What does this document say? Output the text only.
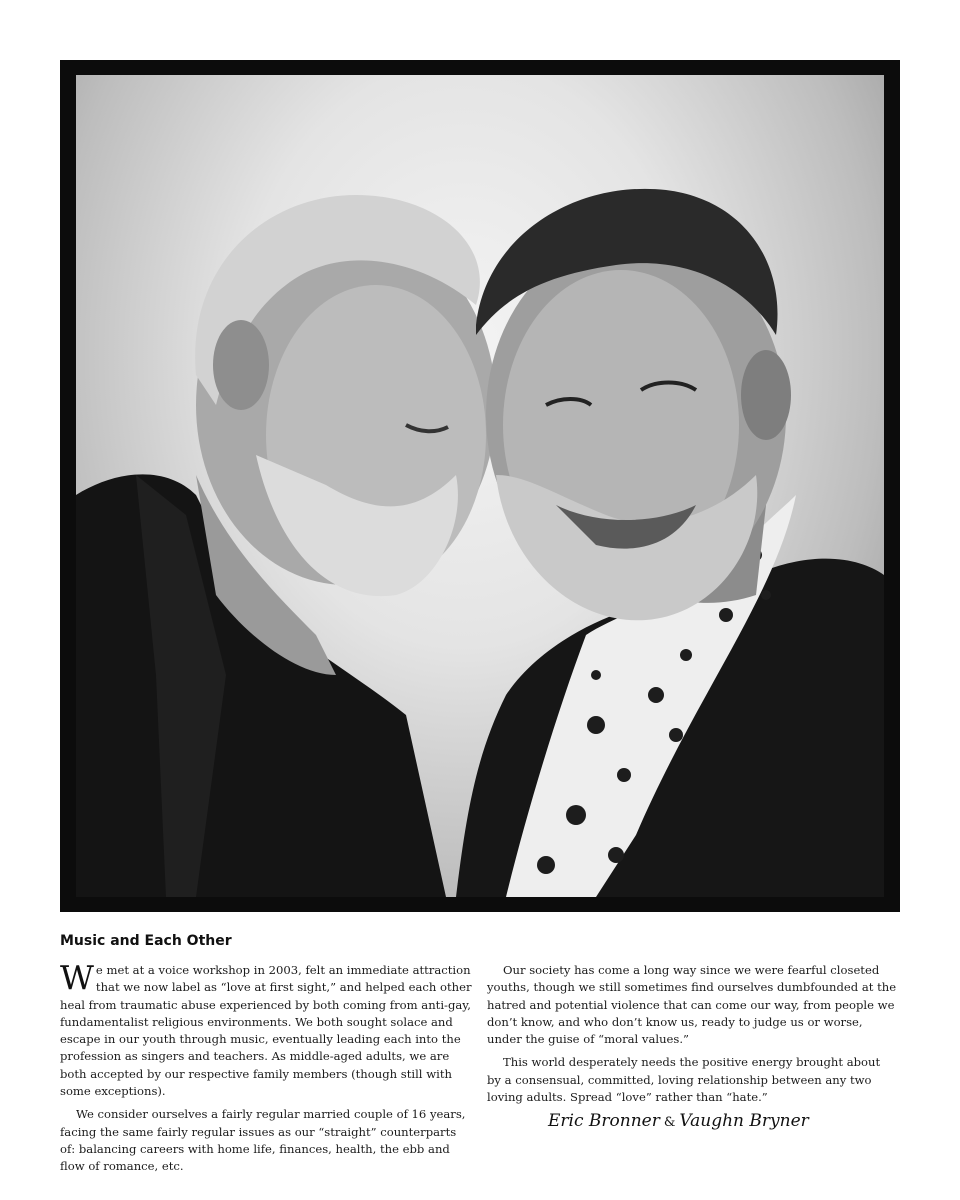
Music and Each Other

We met at a voice workshop in 2003, felt an immediate attraction that we now label as “love at first sight,” and helped each other heal from traumatic abuse experienced by both coming from anti-gay, fundamentalist religious environments. We both sought solace and escape in our youth through music, eventually leading each into the profession as singers and teachers. As middle-aged adults, we are both accepted by our respective family members (though still with some exceptions).

We consider ourselves a fairly regular married couple of 16 years, facing the same fairly regular issues as our “straight” counterparts of: balancing careers with home life, finances, health, the ebb and flow of romance, etc.

Our society has come a long way since we were fearful closeted youths, though we still sometimes find ourselves dumbfounded at the hatred and potential violence that can come our way, from people we don’t know, and who don’t know us, ready to judge us or worse, under the guise of “moral values.”

This world desperately needs the positive energy brought about by a consensual, committed, loving relationship between any two loving adults. Spread “love” rather than “hate.”

Eric Bronner & Vaughn Bryner
